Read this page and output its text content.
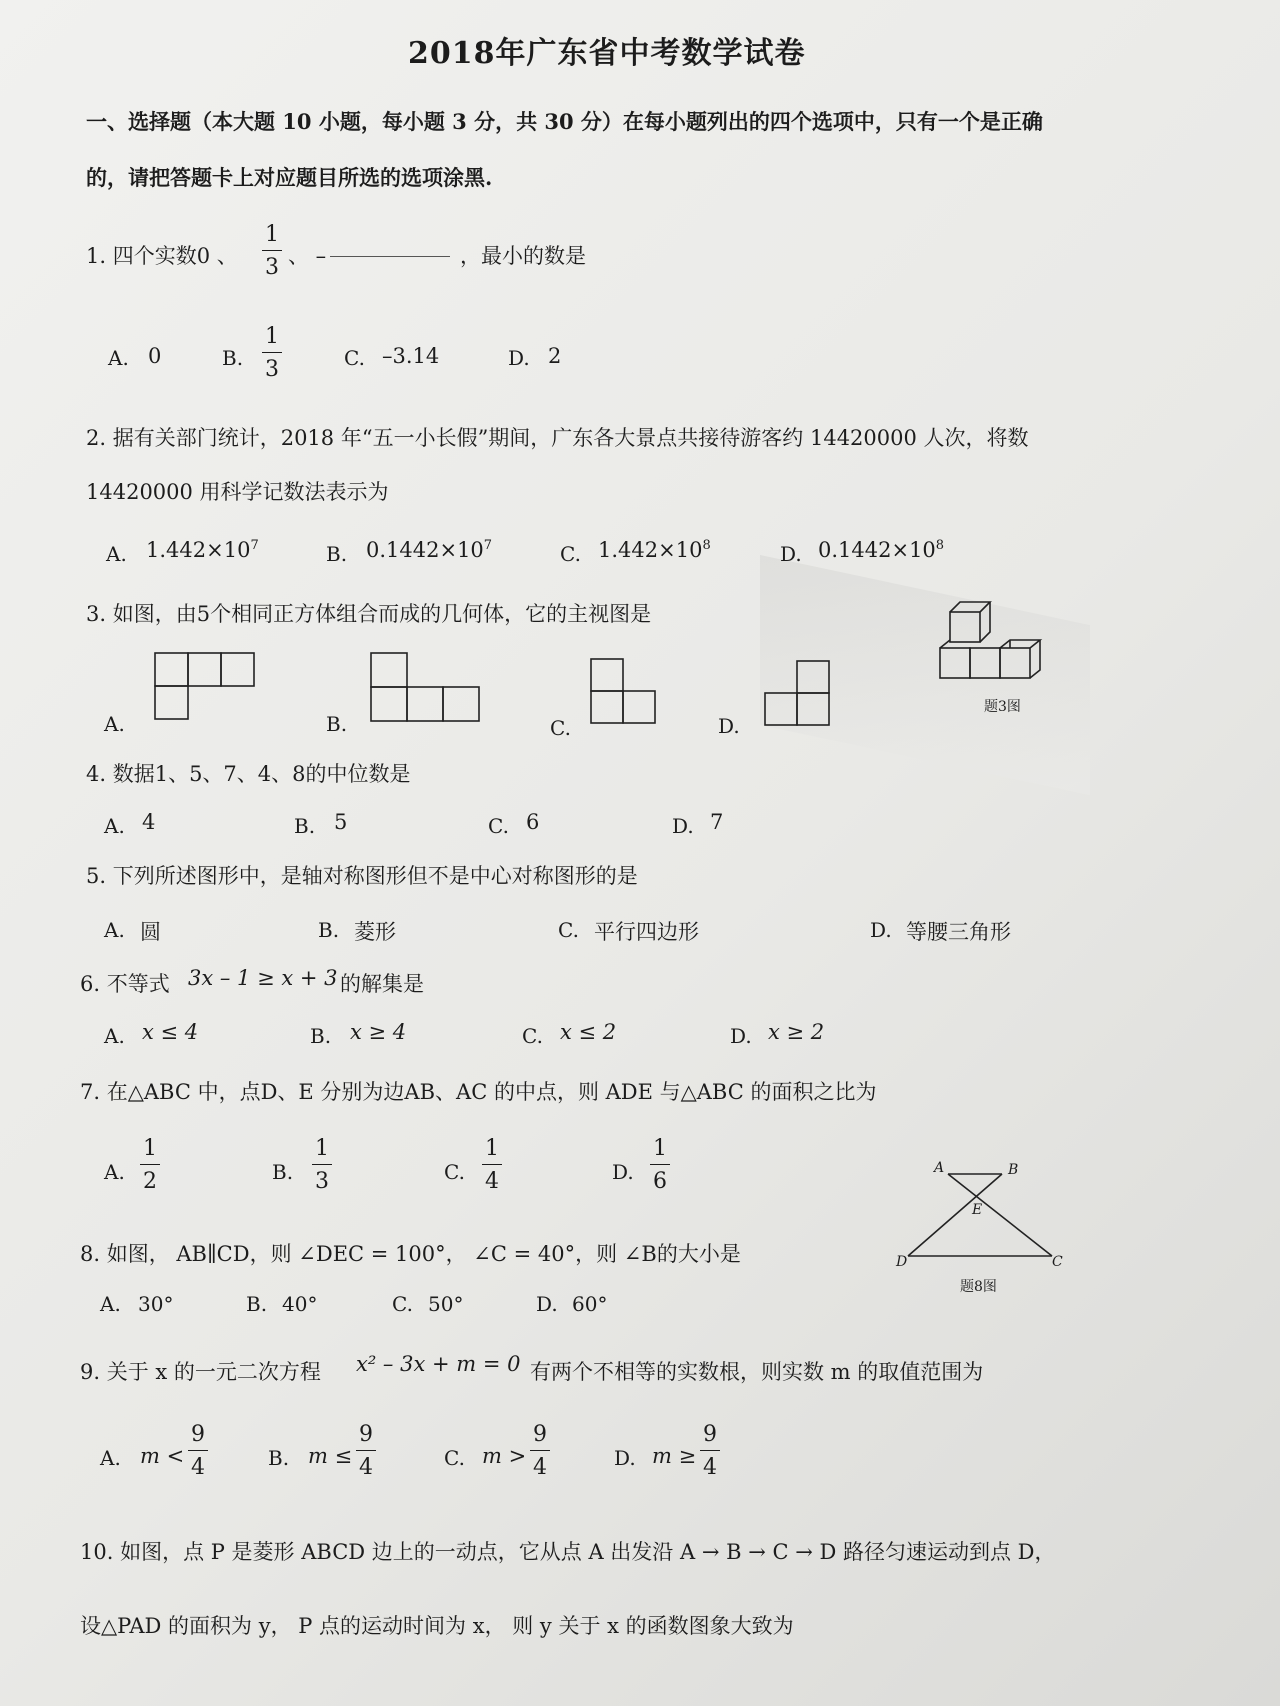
2018年广东省中考数学试卷
一、选择题（本大题 10 小题，每小题 3 分，共 30 分）在每小题列出的四个选项中，只有一个是正确
的，请把答题卡上对应题目所选的选项涂黑.
1. 四个实数0 、
1
3 、 –	，最小的数是
A. 0	B.
1
3	C. –3.14	D. 2
2. 据有关部门统计，2018 年“五一小长假”期间，广东各大景点共接待游客约 14420000 人次，将数
14420000 用科学记数法表示为
A. $1.442\times 10^7$	B. $0.1442\times 10^7$	C. $1.442\times 10^8$	D. $0.1442\times 10^8$
3. 如图，由5个相同正方体组合而成的几何体，它的主视图是
A.	B.	C.	D.
题3图
4. 数据1、5、7、4、8的中位数是
A. 4	B. 5	C. 6	D. 7
5. 下列所述图形中，是轴对称图形但不是中心对称图形的是
A. 圆	B. 菱形	C. 平行四边形	D. 等腰三角形
6. 不等式 3x – 1 ≥ x + 3 的解集是
A. x ≤ 4	B. x ≥ 4	C. x ≤ 2	D. x ≥ 2
7. 在△ABC 中，点D、E 分别为边AB、AC 的中点，则 ADE 与△ABC 的面积之比为
A.
1
2	B.
1
3	C.
1
4	D.
1
6
8. 如图， AB∥CD，则 ∠DEC = 100°， ∠C = 40°，则 ∠B的大小是
A. 30°	B. 40°	C. 50°	D. 60°
A	B
E
D	C
题8图
9. 关于 x 的一元二次方程 x² – 3x + m = 0 有两个不相等的实数根，则实数 m 的取值范围为
A. m <
9
4	B. m ≤
9
4	C. m >
9
4	D. m ≥
9
4
10. 如图，点 P 是菱形 ABCD 边上的一动点，它从点 A 出发沿 A → B → C → D 路径匀速运动到点 D，
设△PAD 的面积为 y， P 点的运动时间为 x， 则 y 关于 x 的函数图象大致为
